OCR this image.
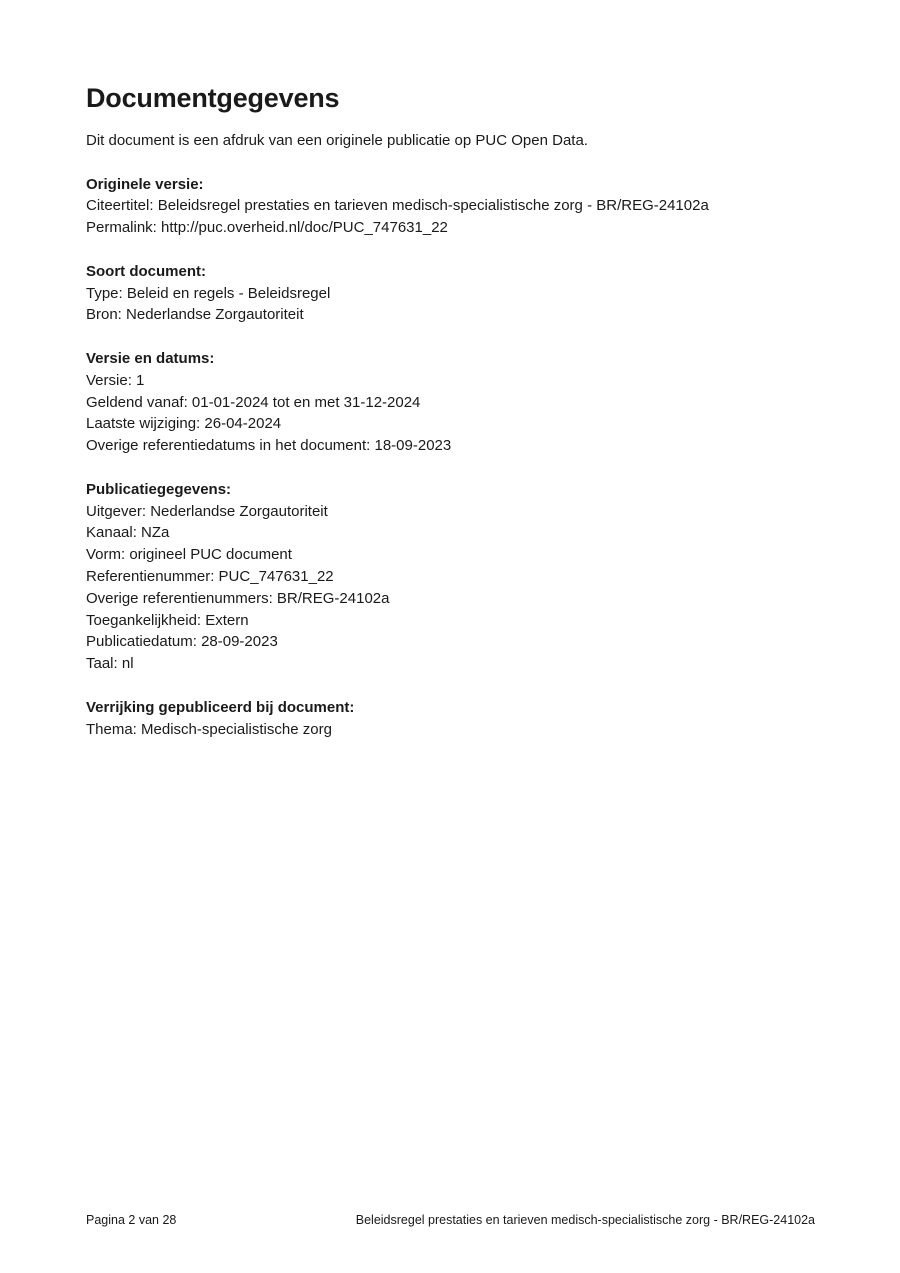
Documentgegevens

Dit document is een afdruk van een originele publicatie op PUC Open Data.

Originele versie:

Citeertitel: Beleidsregel prestaties en tarieven medisch-specialistische zorg - BR/REG-24102a

Permalink: http://puc.overheid.nl/doc/PUC_747631_22

Soort document:

Type: Beleid en regels - Beleidsregel

Bron: Nederlandse Zorgautoriteit

Versie en datums:

Versie: 1

Geldend vanaf: 01-01-2024 tot en met 31-12-2024

Laatste wijziging: 26-04-2024

Overige referentiedatums in het document: 18-09-2023

Publicatiegegevens:

Uitgever: Nederlandse Zorgautoriteit

Kanaal: NZa

Vorm: origineel PUC document

Referentienummer: PUC_747631_22

Overige referentienummers: BR/REG-24102a

Toegankelijkheid: Extern

Publicatiedatum: 28-09-2023

Taal: nl

Verrijking gepubliceerd bij document:

Thema: Medisch-specialistische zorg

Pagina 2 van 28	Beleidsregel prestaties en tarieven medisch-specialistische zorg - BR/REG-24102a
